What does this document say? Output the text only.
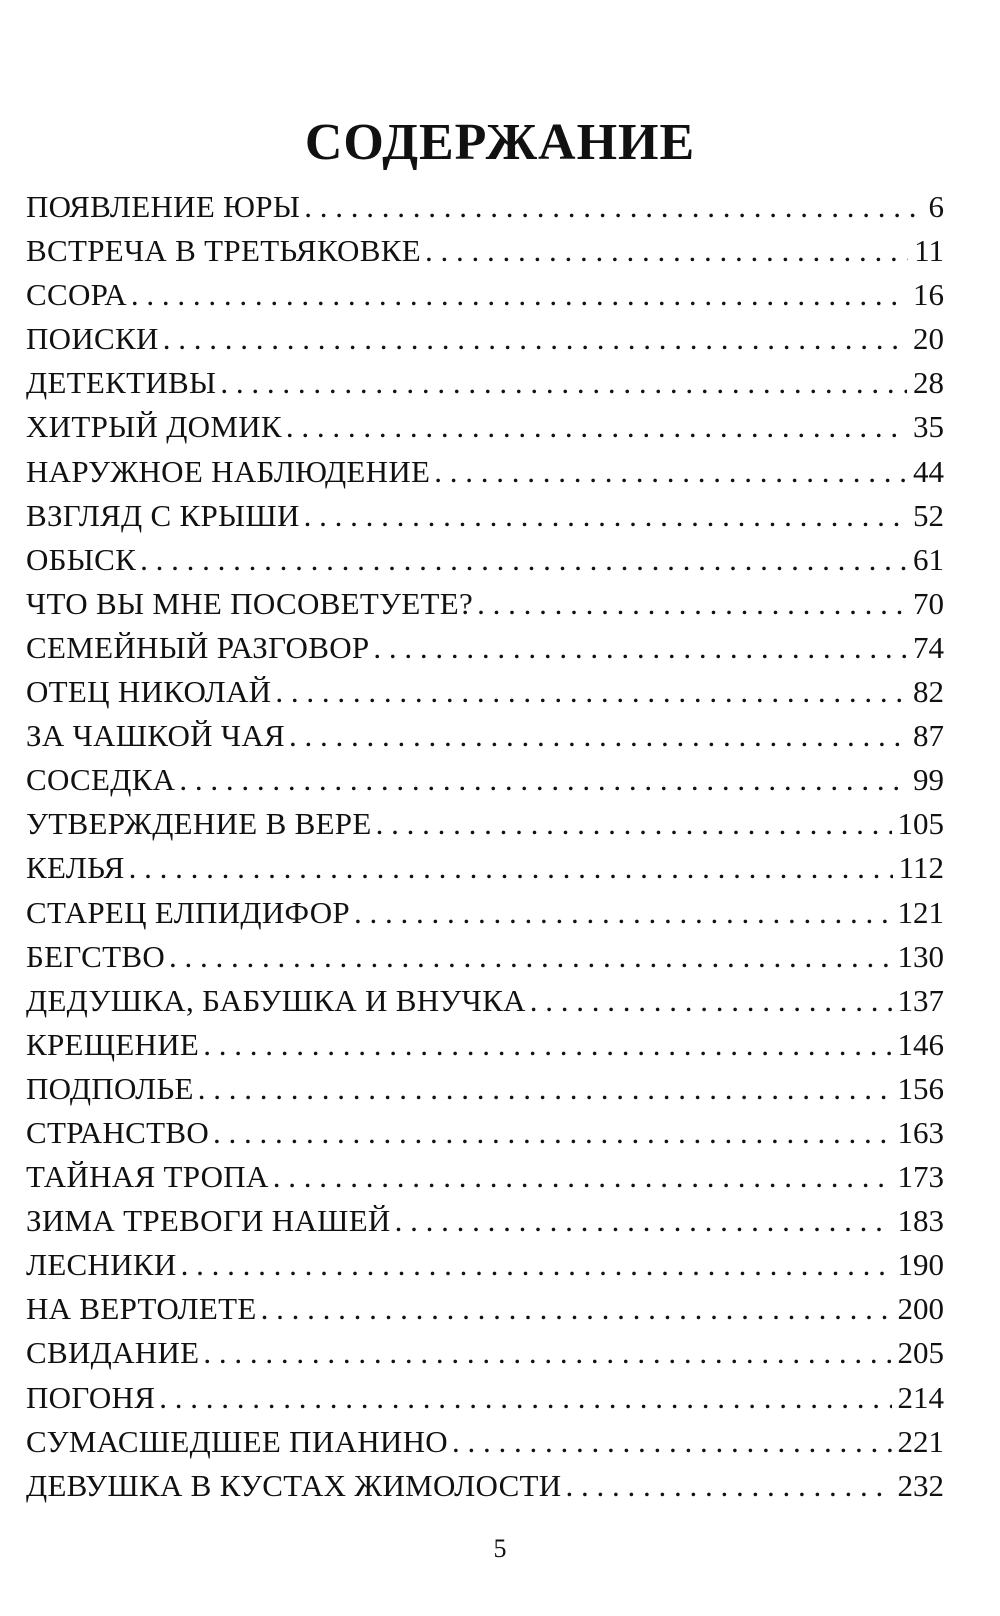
СОДЕРЖАНИЕ
ПОЯВЛЕНИЕ ЮРЫ . . .	6
ВСТРЕЧА В ТРЕТЬЯКОВКЕ . . .	11
ССОРА . . .	16
ПОИСКИ . . .	20
ДЕТЕКТИВЫ . . .	28
ХИТРЫЙ ДОМИК . . .	35
НАРУЖНОЕ НАБЛЮДЕНИЕ . . .	44
ВЗГЛЯД С КРЫШИ . . .	52
ОБЫСК . . .	61
ЧТО ВЫ МНЕ ПОСОВЕТУЕТЕ? . . .	70
СЕМЕЙНЫЙ РАЗГОВОР . . .	74
ОТЕЦ НИКОЛАЙ . . .	82
ЗА ЧАШКОЙ ЧАЯ . . .	87
СОСЕДКА . . .	99
УТВЕРЖДЕНИЕ В ВЕРЕ . . .	105
КЕЛЬЯ . . .	112
СТАРЕЦ ЕЛПИДИФОР . . .	121
БЕГСТВО . . .	130
ДЕДУШКА, БАБУШКА И ВНУЧКА . . .	137
КРЕЩЕНИЕ . . .	146
ПОДПОЛЬЕ . . .	156
СТРАНСТВО . . .	163
ТАЙНАЯ ТРОПА . . .	173
ЗИМА ТРЕВОГИ НАШЕЙ . . .	183
ЛЕСНИКИ . . .	190
НА ВЕРТОЛЕТЕ . . .	200
СВИДАНИЕ . . .	205
ПОГОНЯ . . .	214
СУМАСШЕДШЕЕ ПИАНИНО . . .	221
ДЕВУШКА В КУСТАХ ЖИМОЛОСТИ . . .	232
5
